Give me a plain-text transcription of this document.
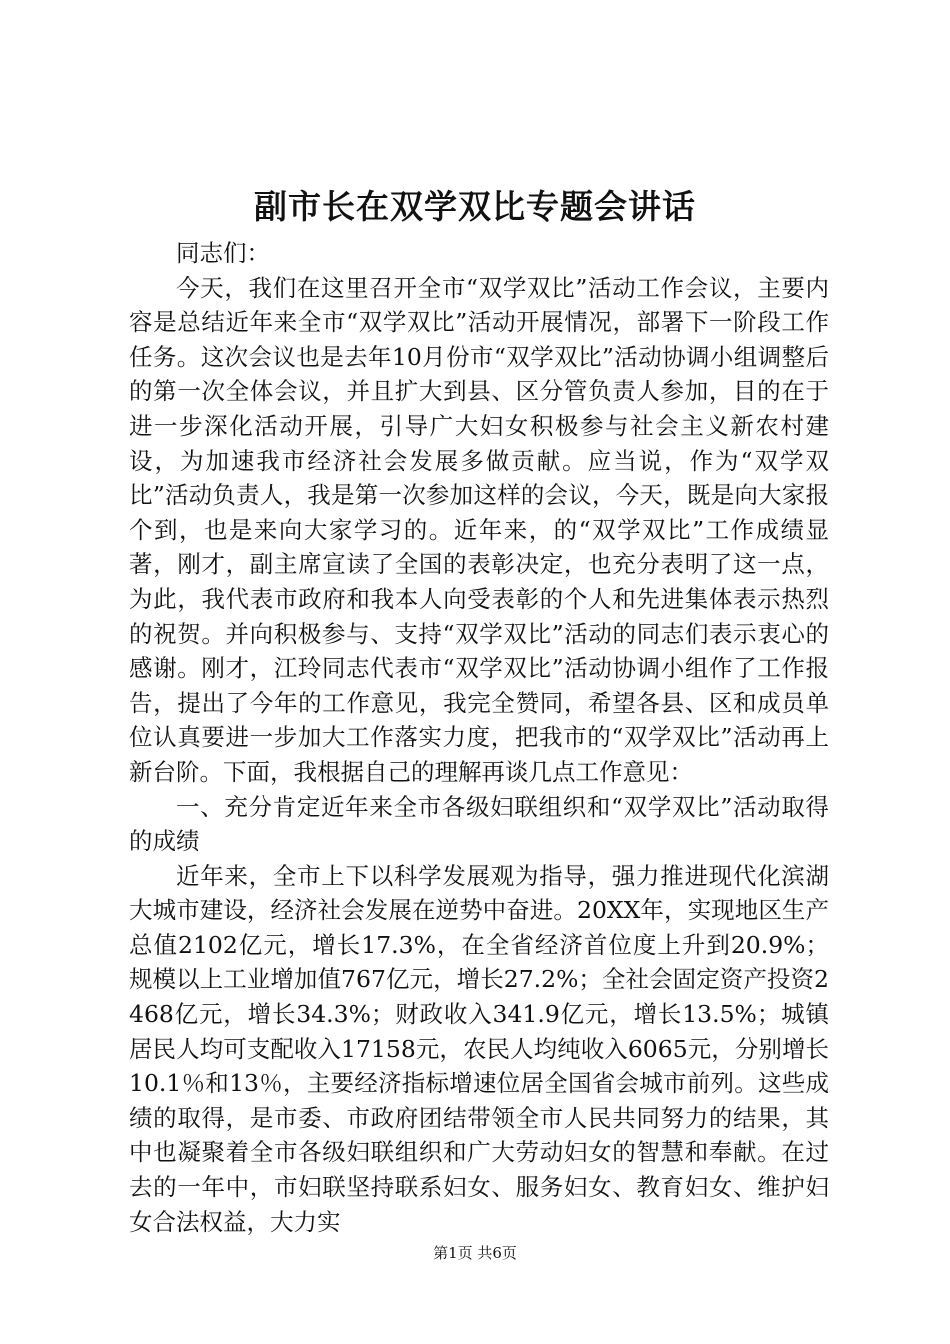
副市长在双学双比专题会讲话

同志们：

今天，我们在这里召开全市“双学双比”活动工作会议，主要内容是总结近年来全市“双学双比”活动开展情况，部署下一阶段工作任务。这次会议也是去年10月份市“双学双比”活动协调小组调整后的第一次全体会议，并且扩大到县、区分管负责人参加，目的在于进一步深化活动开展，引导广大妇女积极参与社会主义新农村建设，为加速我市经济社会发展多做贡献。应当说，作为“双学双比”活动负责人，我是第一次参加这样的会议，今天，既是向大家报个到，也是来向大家学习的。近年来，的“双学双比”工作成绩显著，刚才，副主席宣读了全国的表彰决定，也充分表明了这一点，为此，我代表市政府和我本人向受表彰的个人和先进集体表示热烈的祝贺。并向积极参与、支持“双学双比”活动的同志们表示衷心的感谢。刚才，江玲同志代表市“双学双比”活动协调小组作了工作报告，提出了今年的工作意见，我完全赞同，希望各县、区和成员单位认真要进一步加大工作落实力度，把我市的“双学双比”活动再上新台阶。下面，我根据自己的理解再谈几点工作意见：

一、充分肯定近年来全市各级妇联组织和“双学双比”活动取得的成绩

近年来，全市上下以科学发展观为指导，强力推进现代化滨湖大城市建设，经济社会发展在逆势中奋进。20XX年，实现地区生产总值2102亿元，增长17.3%，在全省经济首位度上升到20.9%；规模以上工业增加值767亿元，增长27.2%；全社会固定资产投资2468亿元，增长34.3%；财政收入341.9亿元，增长13.5%；城镇居民人均可支配收入17158元，农民人均纯收入6065元，分别增长10.1％和13％，主要经济指标增速位居全国省会城市前列。这些成绩的取得，是市委、市政府团结带领全市人民共同努力的结果，其中也凝聚着全市各级妇联组织和广大劳动妇女的智慧和奉献。在过去的一年中，市妇联坚持联系妇女、服务妇女、教育妇女、维护妇女合法权益，大力实

第1页 共6页
